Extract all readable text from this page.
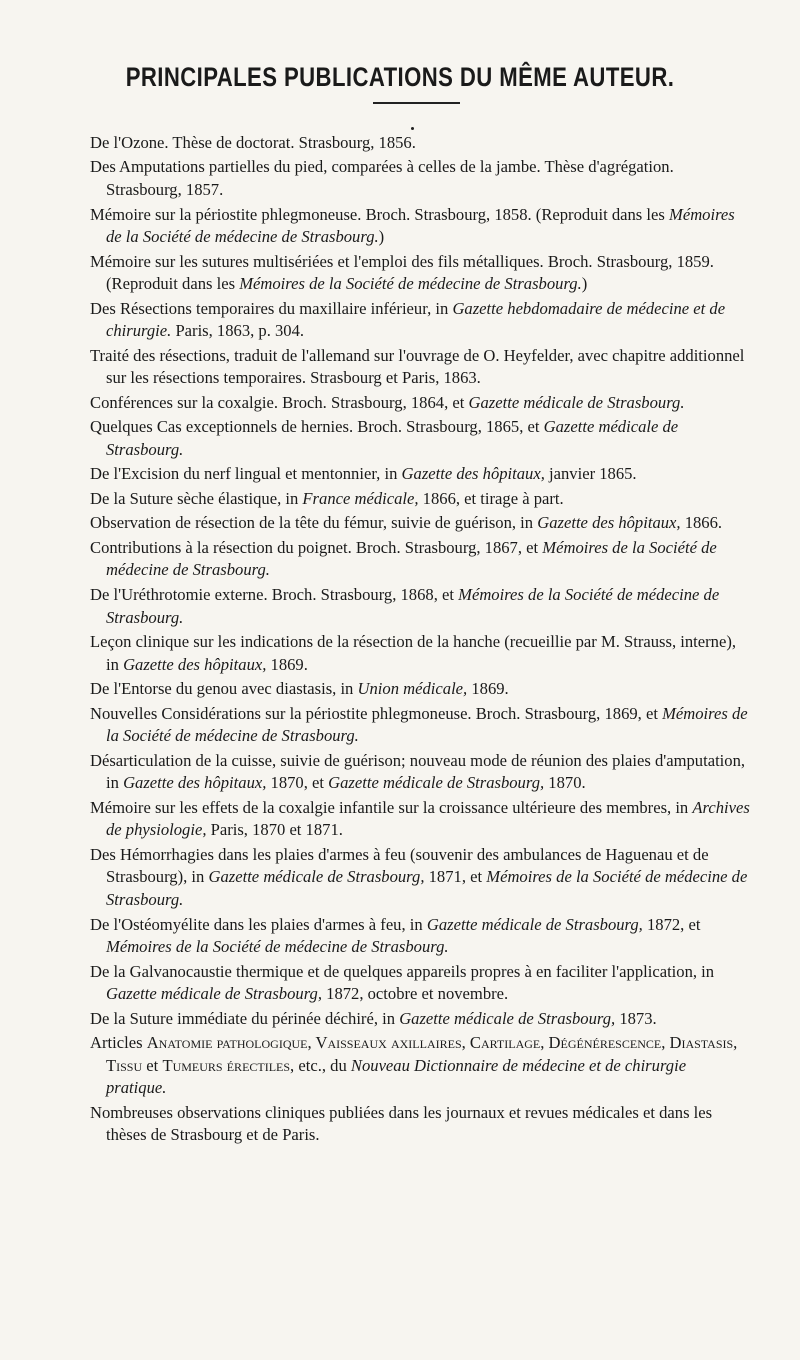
PRINCIPALES PUBLICATIONS DU MÊME AUTEUR.
De l'Ozone. Thèse de doctorat. Strasbourg, 1856.
Des Amputations partielles du pied, comparées à celles de la jambe. Thèse d'agrégation. Strasbourg, 1857.
Mémoire sur la périostite phlegmoneuse. Broch. Strasbourg, 1858. (Reproduit dans les Mémoires de la Société de médecine de Strasbourg.)
Mémoire sur les sutures multisériées et l'emploi des fils métalliques. Broch. Strasbourg, 1859. (Reproduit dans les Mémoires de la Société de médecine de Strasbourg.)
Des Résections temporaires du maxillaire inférieur, in Gazette hebdomadaire de médecine et de chirurgie. Paris, 1863, p. 304.
Traité des résections, traduit de l'allemand sur l'ouvrage de O. Heyfelder, avec chapitre additionnel sur les résections temporaires. Strasbourg et Paris, 1863.
Conférences sur la coxalgie. Broch. Strasbourg, 1864, et Gazette médicale de Strasbourg.
Quelques Cas exceptionnels de hernies. Broch. Strasbourg, 1865, et Gazette médicale de Strasbourg.
De l'Excision du nerf lingual et mentonnier, in Gazette des hôpitaux, janvier 1865.
De la Suture sèche élastique, in France médicale, 1866, et tirage à part.
Observation de résection de la tête du fémur, suivie de guérison, in Gazette des hôpitaux, 1866.
Contributions à la résection du poignet. Broch. Strasbourg, 1867, et Mémoires de la Société de médecine de Strasbourg.
De l'Uréthrotomie externe. Broch. Strasbourg, 1868, et Mémoires de la Société de médecine de Strasbourg.
Leçon clinique sur les indications de la résection de la hanche (recueillie par M. Strauss, interne), in Gazette des hôpitaux, 1869.
De l'Entorse du genou avec diastasis, in Union médicale, 1869.
Nouvelles Considérations sur la périostite phlegmoneuse. Broch. Strasbourg, 1869, et Mémoires de la Société de médecine de Strasbourg.
Désarticulation de la cuisse, suivie de guérison; nouveau mode de réunion des plaies d'amputation, in Gazette des hôpitaux, 1870, et Gazette médicale de Strasbourg, 1870.
Mémoire sur les effets de la coxalgie infantile sur la croissance ultérieure des membres, in Archives de physiologie, Paris, 1870 et 1871.
Des Hémorrhagies dans les plaies d'armes à feu (souvenir des ambulances de Haguenau et de Strasbourg), in Gazette médicale de Strasbourg, 1871, et Mémoires de la Société de médecine de Strasbourg.
De l'Ostéomyélite dans les plaies d'armes à feu, in Gazette médicale de Strasbourg, 1872, et Mémoires de la Société de médecine de Strasbourg.
De la Galvanocaustie thermique et de quelques appareils propres à en faciliter l'application, in Gazette médicale de Strasbourg, 1872, octobre et novembre.
De la Suture immédiate du périnée déchiré, in Gazette médicale de Strasbourg, 1873.
Articles Anatomie pathologique, Vaisseaux axillaires, Cartilage, Dégénérescence, Diastasis, Tissu et Tumeurs érectiles, etc., du Nouveau Dictionnaire de médecine et de chirurgie pratique.
Nombreuses observations cliniques publiées dans les journaux et revues médicales et dans les thèses de Strasbourg et de Paris.
